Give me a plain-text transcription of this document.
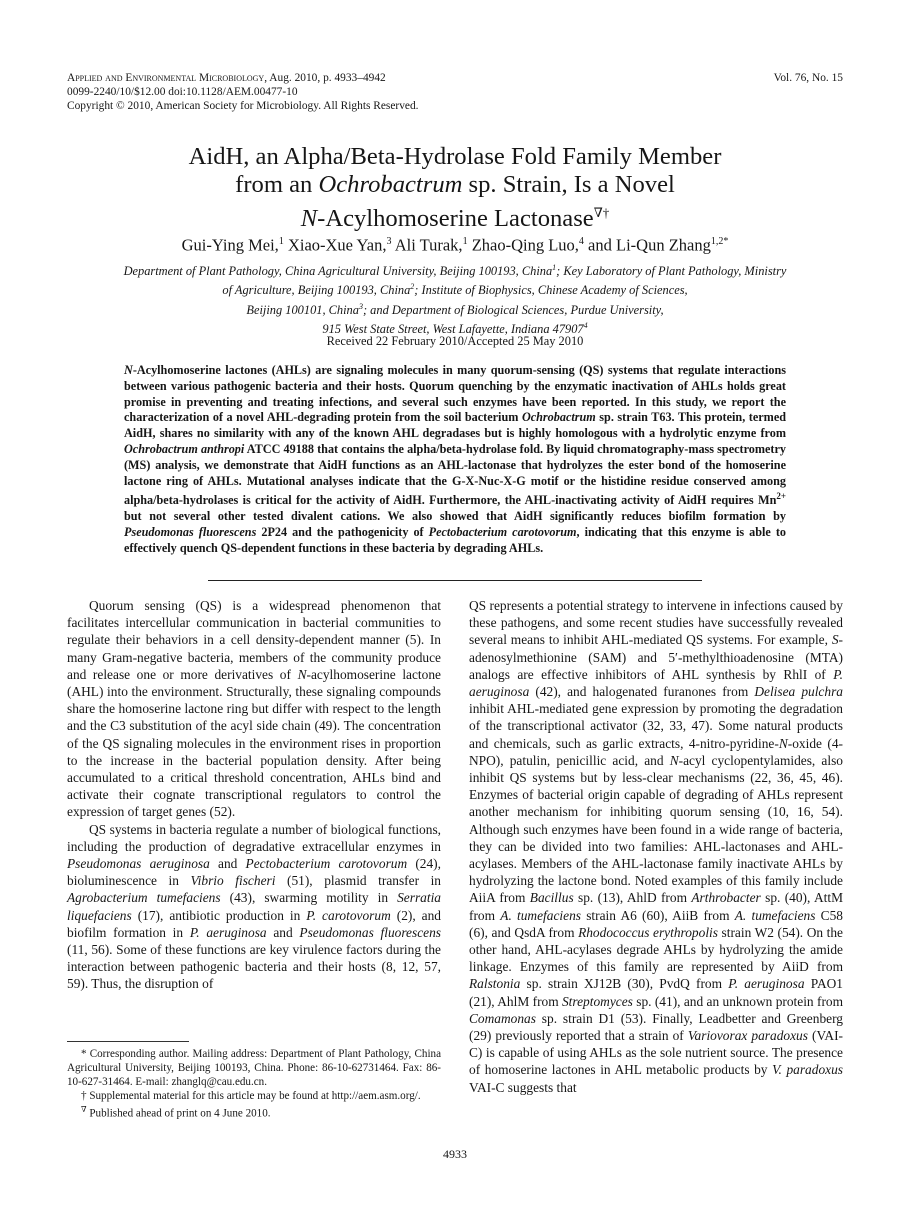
Applied and Environmental Microbiology, Aug. 2010, p. 4933–4942	Vol. 76, No. 15
0099-2240/10/$12.00 doi:10.1128/AEM.00477-10
Copyright © 2010, American Society for Microbiology. All Rights Reserved.
AidH, an Alpha/Beta-Hydrolase Fold Family Member
from an Ochrobactrum sp. Strain, Is a Novel
N-Acylhomoserine Lactonase∇†
Gui-Ying Mei,$^1$ Xiao-Xue Yan,$^3$ Ali Turak,$^1$ Zhao-Qing Luo,$^4$ and Li-Qun Zhang$^{1,2*}$
Department of Plant Pathology, China Agricultural University, Beijing 100193, China$^1$; Key Laboratory of Plant Pathology, Ministry
of Agriculture, Beijing 100193, China$^2$; Institute of Biophysics, Chinese Academy of Sciences,
Beijing 100101, China$^3$; and Department of Biological Sciences, Purdue University,
915 West State Street, West Lafayette, Indiana 47907$^4$
Received 22 February 2010/Accepted 25 May 2010
N-Acylhomoserine lactones (AHLs) are signaling molecules in many quorum-sensing (QS) systems that regulate interactions between various pathogenic bacteria and their hosts. Quorum quenching by the enzymatic inactivation of AHLs holds great promise in preventing and treating infections, and several such enzymes have been reported. In this study, we report the characterization of a novel AHL-degrading protein from the soil bacterium Ochrobactrum sp. strain T63. This protein, termed AidH, shares no similarity with any of the known AHL degradases but is highly homologous with a hydrolytic enzyme from Ochrobactrum anthropi ATCC 49188 that contains the alpha/beta-hydrolase fold. By liquid chromatography-mass spectrometry (MS) analysis, we demonstrate that AidH functions as an AHL-lactonase that hydrolyzes the ester bond of the homoserine lactone ring of AHLs. Mutational analyses indicate that the G-X-Nuc-X-G motif or the histidine residue conserved among alpha/beta-hydrolases is critical for the activity of AidH. Furthermore, the AHL-inactivating activity of AidH requires $Mn^{2+}$ but not several other tested divalent cations. We also showed that AidH significantly reduces biofilm formation by Pseudomonas fluorescens 2P24 and the pathogenicity of Pectobacterium carotovorum, indicating that this enzyme is able to effectively quench QS-dependent functions in these bacteria by degrading AHLs.

Quorum sensing (QS) is a widespread phenomenon that facilitates intercellular communication in bacterial communities to regulate their behaviors in a cell density-dependent manner (5). In many Gram-negative bacteria, members of the community produce and release one or more derivatives of N-acylhomoserine lactone (AHL) into the environment. Structurally, these signaling compounds share the homoserine lactone ring but differ with respect to the length and the C3 substitution of the acyl side chain (49). The concentration of the QS signaling molecules in the environment rises in proportion to the increase in the bacterial population density. After being accumulated to a critical threshold concentration, AHLs bind and activate their cognate transcriptional regulators to control the expression of target genes (52).

QS systems in bacteria regulate a number of biological functions, including the production of degradative extracellular enzymes in Pseudomonas aeruginosa and Pectobacterium carotovorum (24), bioluminescence in Vibrio fischeri (51), plasmid transfer in Agrobacterium tumefaciens (43), swarming motility in Serratia liquefaciens (17), antibiotic production in P. carotovorum (2), and biofilm formation in P. aeruginosa and Pseudomonas fluorescens (11, 56). Some of these functions are key virulence factors during the interaction between pathogenic bacteria and their hosts (8, 12, 57, 59). Thus, the disruption of

* Corresponding author. Mailing address: Department of Plant Pathology, China Agricultural University, Beijing 100193, China. Phone: 86-10-62731464. Fax: 86-10-627-31464. E-mail: zhanglq@cau.edu.cn.

† Supplemental material for this article may be found at http://aem.asm.org/.

∇ Published ahead of print on 4 June 2010.

QS represents a potential strategy to intervene in infections caused by these pathogens, and some recent studies have successfully revealed several means to inhibit AHL-mediated QS systems. For example, S-adenosylmethionine (SAM) and 5′-methylthioadenosine (MTA) analogs are effective inhibitors of AHL synthesis by RhlI of P. aeruginosa (42), and halogenated furanones from Delisea pulchra inhibit AHL-mediated gene expression by promoting the degradation of the transcriptional activator (32, 33, 47). Some natural products and chemicals, such as garlic extracts, 4-nitro-pyridine-N-oxide (4-NPO), patulin, penicillic acid, and N-acyl cyclopentylamides, also inhibit QS systems but by less-clear mechanisms (22, 36, 45, 46). Enzymes of bacterial origin capable of degrading of AHLs represent another mechanism for inhibiting quorum sensing (10, 16, 54). Although such enzymes have been found in a wide range of bacteria, they can be divided into two families: AHL-lactonases and AHL-acylases. Members of the AHL-lactonase family inactivate AHLs by hydrolyzing the lactone bond. Noted examples of this family include AiiA from Bacillus sp. (13), AhlD from Arthrobacter sp. (40), AttM from A. tumefaciens strain A6 (60), AiiB from A. tumefaciens C58 (6), and QsdA from Rhodococcus erythropolis strain W2 (54). On the other hand, AHL-acylases degrade AHLs by hydrolyzing the amide linkage. Enzymes of this family are represented by AiiD from Ralstonia sp. strain XJ12B (30), PvdQ from P. aeruginosa PAO1 (21), AhlM from Streptomyces sp. (41), and an unknown protein from Comamonas sp. strain D1 (53). Finally, Leadbetter and Greenberg (29) previously reported that a strain of Variovorax paradoxus (VAI-C) is capable of using AHLs as the sole nutrient source. The presence of homoserine lactones in AHL metabolic products by V. paradoxus VAI-C suggests that

4933
